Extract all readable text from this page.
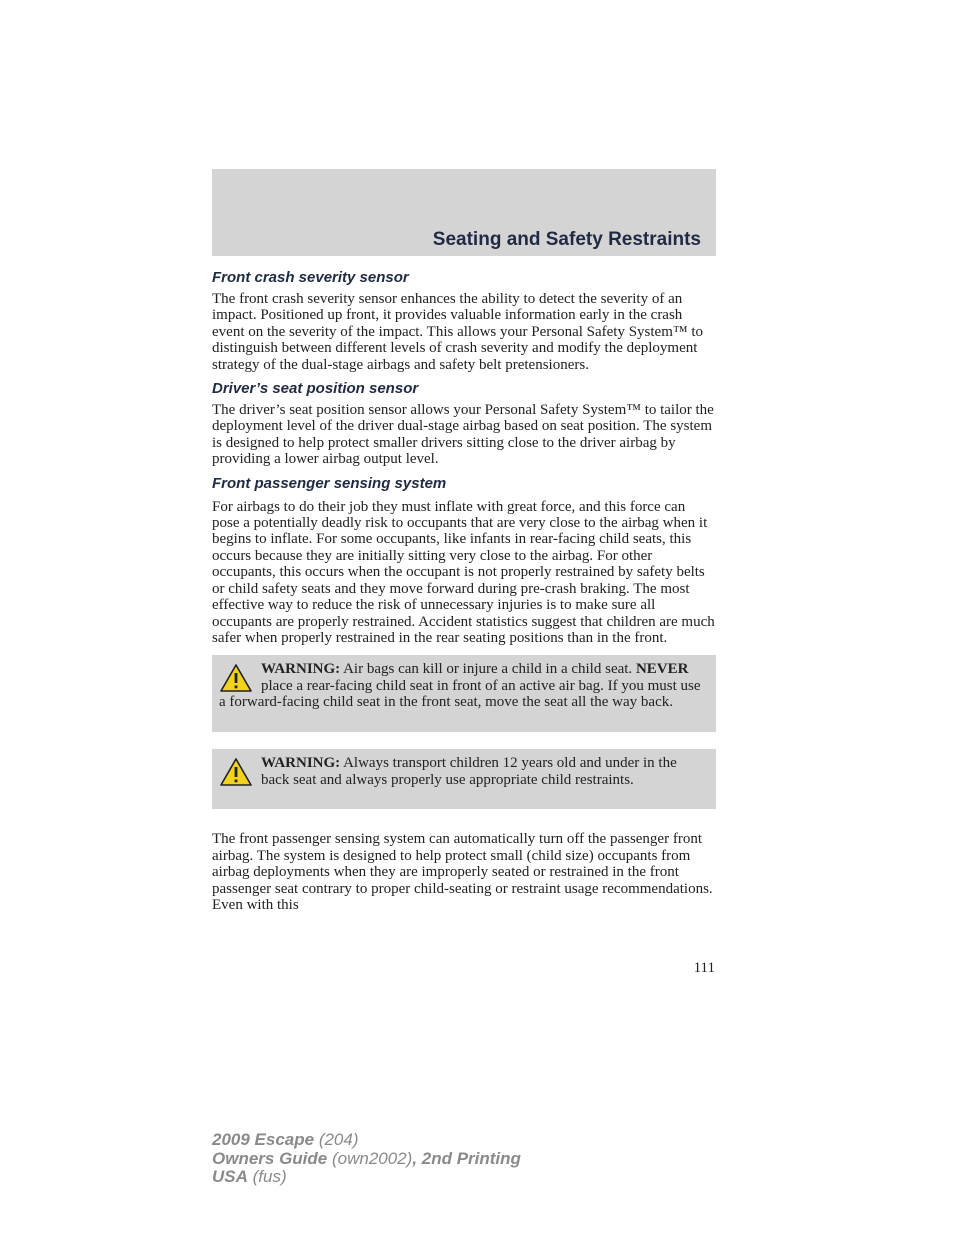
Seating and Safety Restraints
Front crash severity sensor

The front crash severity sensor enhances the ability to detect the severity of an impact. Positioned up front, it provides valuable information early in the crash event on the severity of the impact. This allows your Personal Safety System™ to distinguish between different levels of crash severity and modify the deployment strategy of the dual-stage airbags and safety belt pretensioners.

Driver’s seat position sensor

The driver’s seat position sensor allows your Personal Safety System™ to tailor the deployment level of the driver dual-stage airbag based on seat position. The system is designed to help protect smaller drivers sitting close to the driver airbag by providing a lower airbag output level.

Front passenger sensing system

For airbags to do their job they must inflate with great force, and this force can pose a potentially deadly risk to occupants that are very close to the airbag when it begins to inflate. For some occupants, like infants in rear-facing child seats, this occurs because they are initially sitting very close to the airbag. For other occupants, this occurs when the occupant is not properly restrained by safety belts or child safety seats and they move forward during pre-crash braking. The most effective way to reduce the risk of unnecessary injuries is to make sure all occupants are properly restrained. Accident statistics suggest that children are much safer when properly restrained in the rear seating positions than in the front.

WARNING: Air bags can kill or injure a child in a child seat. NEVER place a rear-facing child seat in front of an active air bag. If you must use a forward-facing child seat in the front seat, move the seat all the way back.
WARNING: Always transport children 12 years old and under in the back seat and always properly use appropriate child restraints.

The front passenger sensing system can automatically turn off the passenger front airbag. The system is designed to help protect small (child size) occupants from airbag deployments when they are improperly seated or restrained in the front passenger seat contrary to proper child-seating or restraint usage recommendations. Even with this

111
2009 Escape (204)
Owners Guide (own2002), 2nd Printing
USA (fus)
